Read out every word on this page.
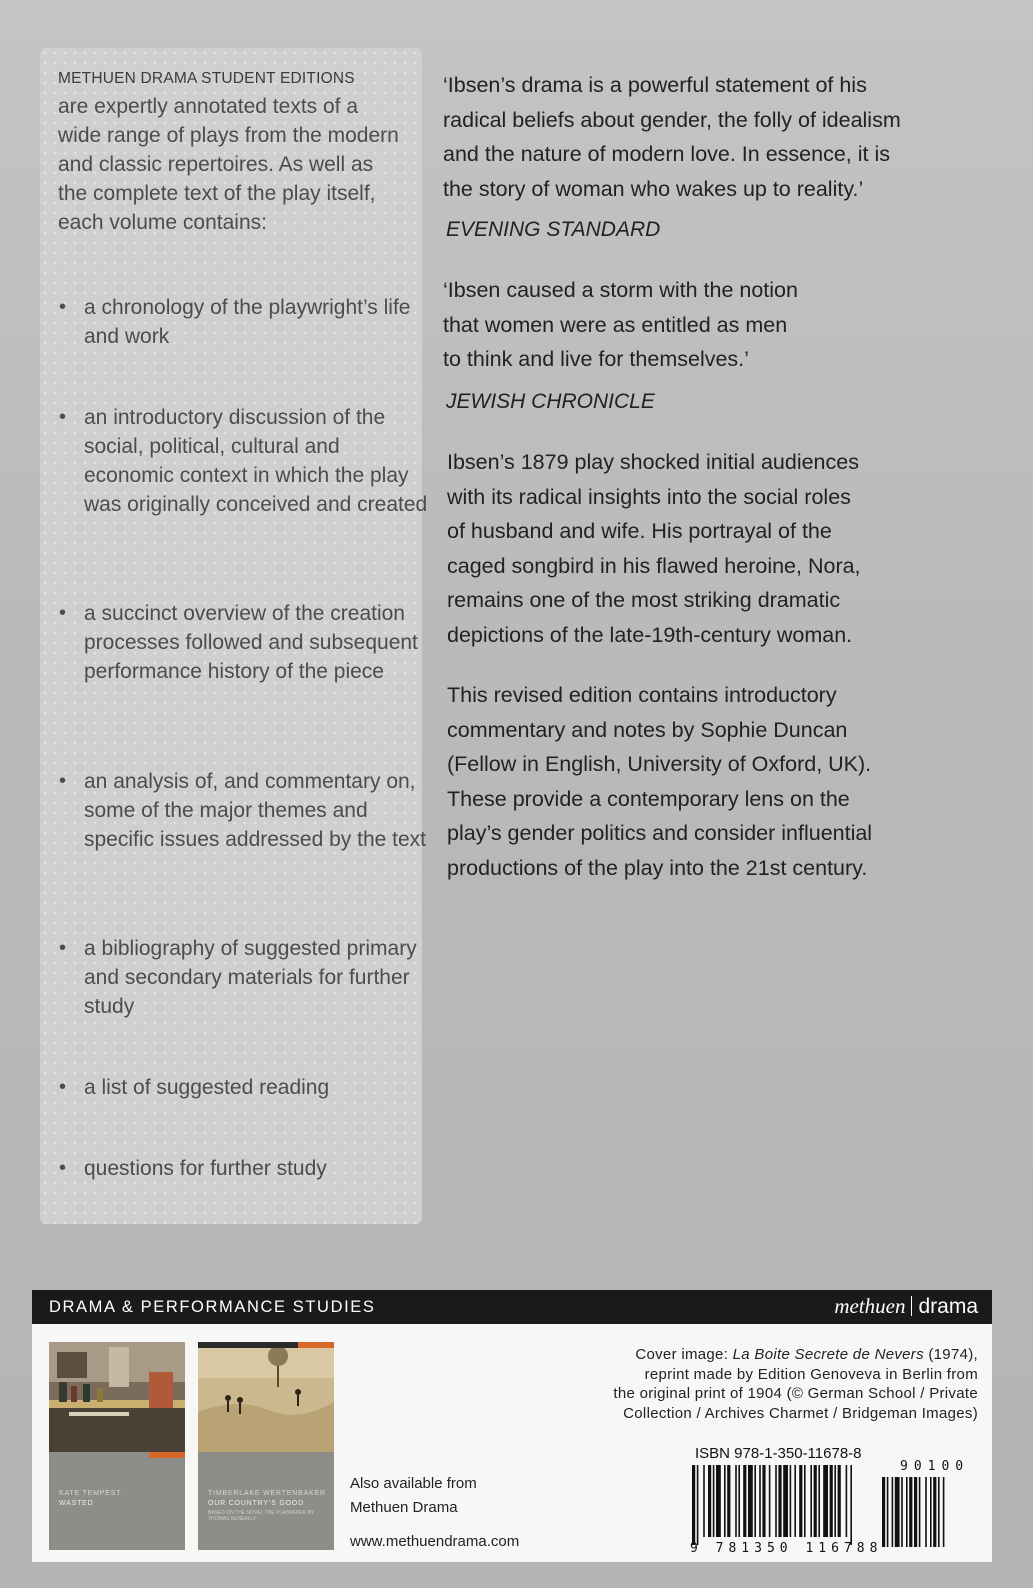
METHUEN DRAMA STUDENT EDITIONS
are expertly annotated texts of a wide range of plays from the modern and classic repertoires. As well as the complete text of the play itself, each volume contains:
• a chronology of the playwright’s life and work
• an introductory discussion of the social, political, cultural and economic context in which the play was originally conceived and created
• a succinct overview of the creation processes followed and subsequent performance history of the piece
• an analysis of, and commentary on, some of the major themes and specific issues addressed by the text
• a bibliography of suggested primary and secondary materials for further study
• a list of suggested reading
• questions for further study
‘Ibsen’s drama is a powerful statement of his
radical beliefs about gender, the folly of idealism
and the nature of modern love. In essence, it is
the story of woman who wakes up to reality.’
EVENING STANDARD
‘Ibsen caused a storm with the notion
that women were as entitled as men
to think and live for themselves.’
JEWISH CHRONICLE
Ibsen’s 1879 play shocked initial audiences
with its radical insights into the social roles
of husband and wife. His portrayal of the
caged songbird in his flawed heroine, Nora,
remains one of the most striking dramatic
depictions of the late-19th-century woman.
This revised edition contains introductory
commentary and notes by Sophie Duncan
(Fellow in English, University of Oxford, UK).
These provide a contemporary lens on the
play’s gender politics and consider influential
productions of the play into the 21st century.
DRAMA & PERFORMANCE STUDIES	methuen drama
KATE TEMPEST
WASTED
TIMBERLAKE WERTENBAKER
OUR COUNTRY’S GOOD
BASED ON THE NOVEL THE PLAYMAKER BY THOMAS KENEALLY
Also available from
Methuen Drama
www.methuendrama.com
Cover image: La Boite Secrete de Nevers (1974),
reprint made by Edition Genoveva in Berlin from
the original print of 1904 (© German School / Private
Collection / Archives Charmet / Bridgeman Images)
ISBN 978-1-350-11678-8
90100
9 781350 116788
